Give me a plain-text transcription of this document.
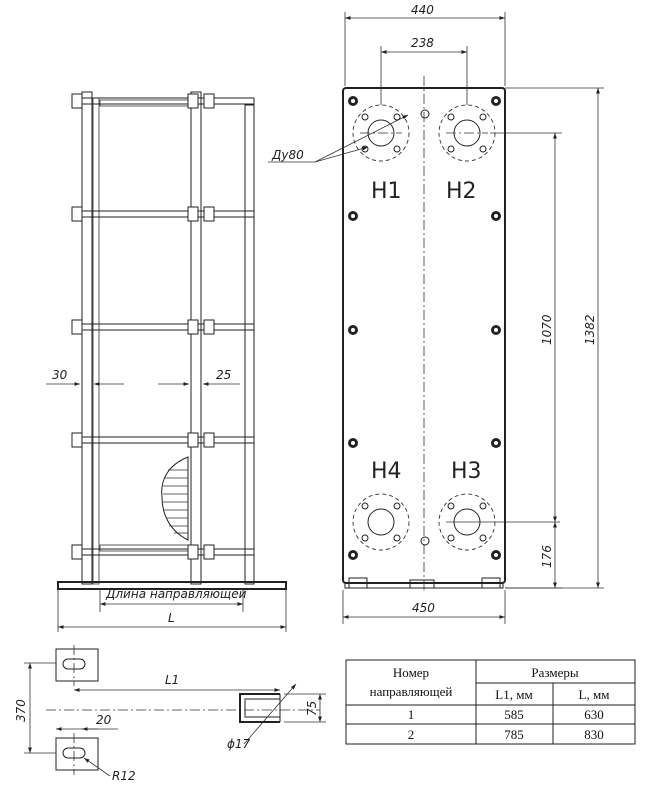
30	25
Длина направляющей
L
H1 H2
H4 H3
Ду80
440
238
1070 1382
176
450
370
L1
20
75
ϕ17
R12
Номер
направляющей
Размеры
L1, мм	L, мм
1	585	630
2	785	830
